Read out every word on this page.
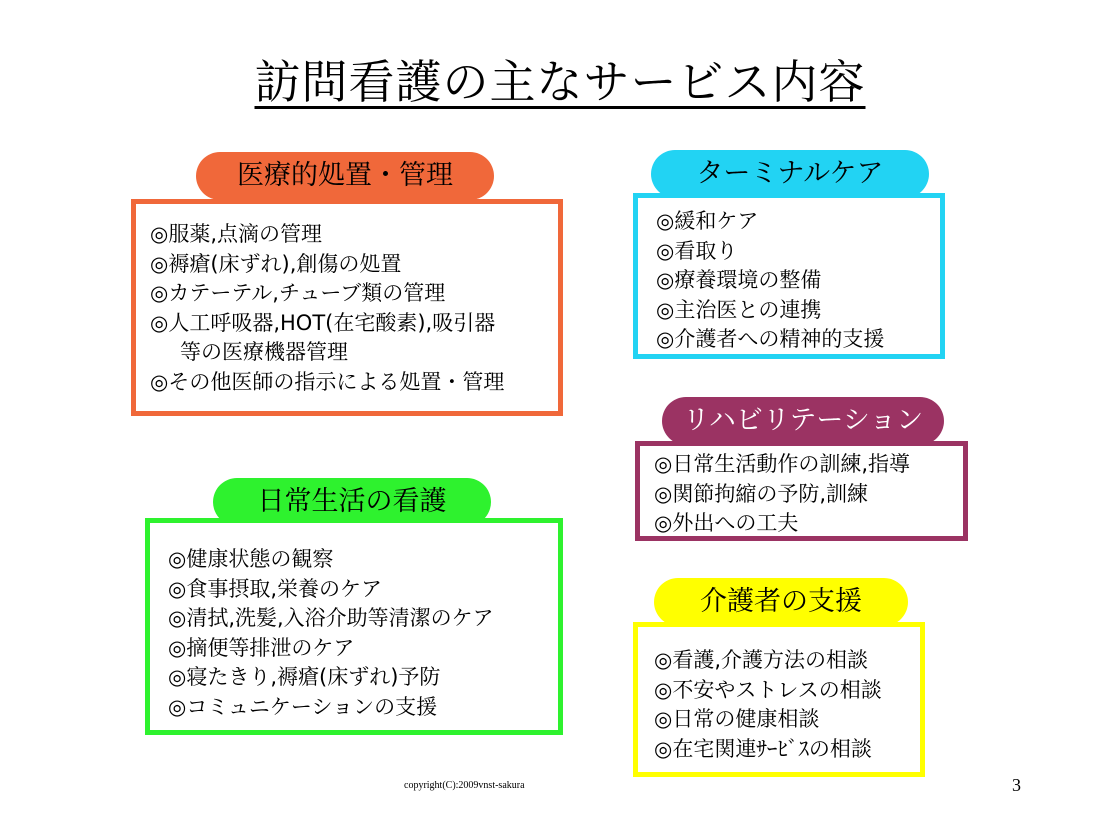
訪問看護の主なサービス内容
医療的処置・管理
◎服薬,点滴の管理
◎褥瘡(床ずれ),創傷の処置
◎カテーテル,チューブ類の管理
◎人工呼吸器,HOT(在宅酸素),吸引器
等の医療機器管理
◎その他医師の指示による処置・管理
ターミナルケア
◎緩和ケア
◎看取り
◎療養環境の整備
◎主治医との連携
◎介護者への精神的支援
リハビリテーション
◎日常生活動作の訓練,指導
◎関節拘縮の予防,訓練
◎外出への工夫
日常生活の看護
◎健康状態の観察
◎食事摂取,栄養のケア
◎清拭,洗髪,入浴介助等清潔のケア
◎摘便等排泄のケア
◎寝たきり,褥瘡(床ずれ)予防
◎コミュニケーションの支援
介護者の支援
◎看護,介護方法の相談
◎不安やストレスの相談
◎日常の健康相談
◎在宅関連ｻｰﾋﾞｽの相談
copyright(C):2009vnst-sakura	3
